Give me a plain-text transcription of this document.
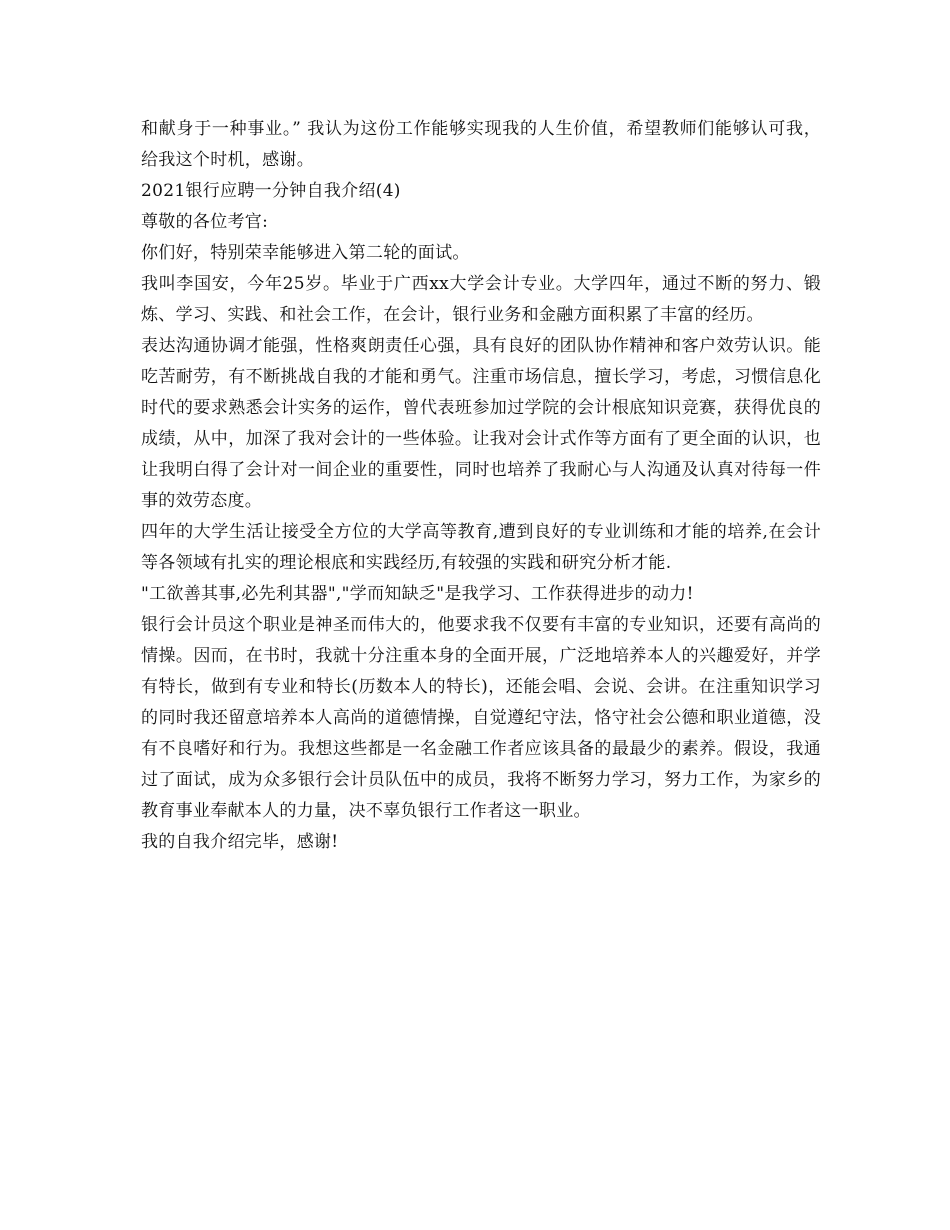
和献身于一种事业。” 我认为这份工作能够实现我的人生价值，希望教师们能够认可我，给我这个时机，感谢。

2021银行应聘一分钟自我介绍(4)

尊敬的各位考官:

你们好，特别荣幸能够进入第二轮的面试。

我叫李国安，今年25岁。毕业于广西xx大学会计专业。大学四年，通过不断的努力、锻炼、学习、实践、和社会工作，在会计，银行业务和金融方面积累了丰富的经历。

表达沟通协调才能强，性格爽朗责任心强，具有良好的团队协作精神和客户效劳认识。能吃苦耐劳，有不断挑战自我的才能和勇气。注重市场信息，擅长学习，考虑，习惯信息化时代的要求熟悉会计实务的运作，曾代表班参加过学院的会计根底知识竞赛，获得优良的成绩，从中，加深了我对会计的一些体验。让我对会计式作等方面有了更全面的认识，也让我明白得了会计对一间企业的重要性，同时也培养了我耐心与人沟通及认真对待每一件事的效劳态度。

四年的大学生活让接受全方位的大学高等教育,遭到良好的专业训练和才能的培养,在会计等各领域有扎实的理论根底和实践经历,有较强的实践和研究分析才能.

"工欲善其事,必先利其器","学而知缺乏"是我学习、工作获得进步的动力!

银行会计员这个职业是神圣而伟大的，他要求我不仅要有丰富的专业知识，还要有高尚的情操。因而，在书时，我就十分注重本身的全面开展，广泛地培养本人的兴趣爱好，并学有特长，做到有专业和特长(历数本人的特长)，还能会唱、会说、会讲。在注重知识学习的同时我还留意培养本人高尚的道德情操，自觉遵纪守法，恪守社会公德和职业道德，没有不良嗜好和行为。我想这些都是一名金融工作者应该具备的最最少的素养。假设，我通过了面试，成为众多银行会计员队伍中的成员，我将不断努力学习，努力工作，为家乡的教育事业奉献本人的力量，决不辜负银行工作者这一职业。

我的自我介绍完毕，感谢!
